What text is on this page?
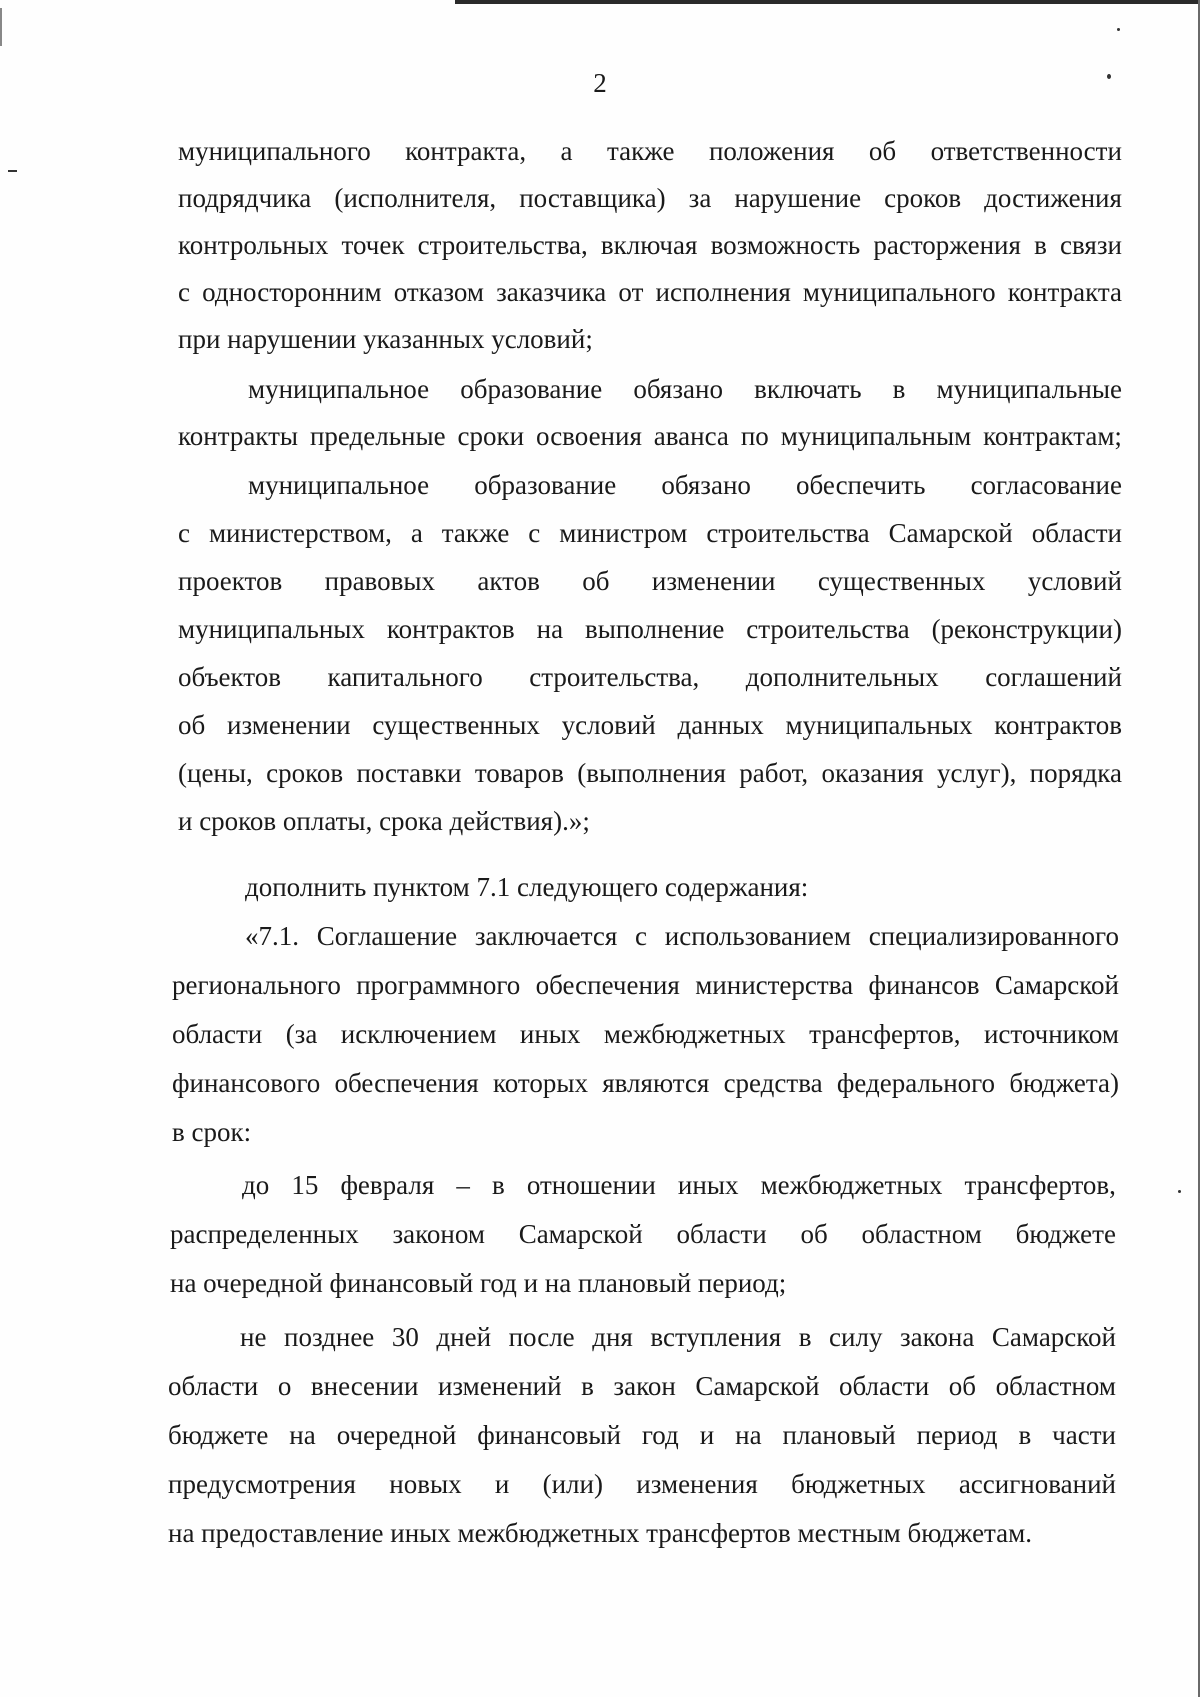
2
муниципального контракта, а также положения об ответственности
подрядчика (исполнителя, поставщика) за нарушение сроков достижения
контрольных точек строительства, включая возможность расторжения в связи
с односторонним отказом заказчика от исполнения муниципального контракта
при нарушении указанных условий;
муниципальное образование обязано включать в муниципальные
контракты предельные сроки освоения аванса по муниципальным контрактам;
муниципальное образование обязано обеспечить согласование
с министерством, а также с министром строительства Самарской области
проектов правовых актов об изменении существенных условий
муниципальных контрактов на выполнение строительства (реконструкции)
объектов капитального строительства, дополнительных соглашений
об изменении существенных условий данных муниципальных контрактов
(цены, сроков поставки товаров (выполнения работ, оказания услуг), порядка
и сроков оплаты, срока действия).»;
дополнить пунктом 7.1 следующего содержания:
«7.1. Соглашение заключается с использованием специализированного
регионального программного обеспечения министерства финансов Самарской
области (за исключением иных межбюджетных трансфертов, источником
финансового обеспечения которых являются средства федерального бюджета)
в срок:
до 15 февраля – в отношении иных межбюджетных трансфертов,
распределенных законом Самарской области об областном бюджете
на очередной финансовый год и на плановый период;
не позднее 30 дней после дня вступления в силу закона Самарской
области о внесении изменений в закон Самарской области об областном
бюджете на очередной финансовый год и на плановый период в части
предусмотрения новых и (или) изменения бюджетных ассигнований
на предоставление иных межбюджетных трансфертов местным бюджетам.
